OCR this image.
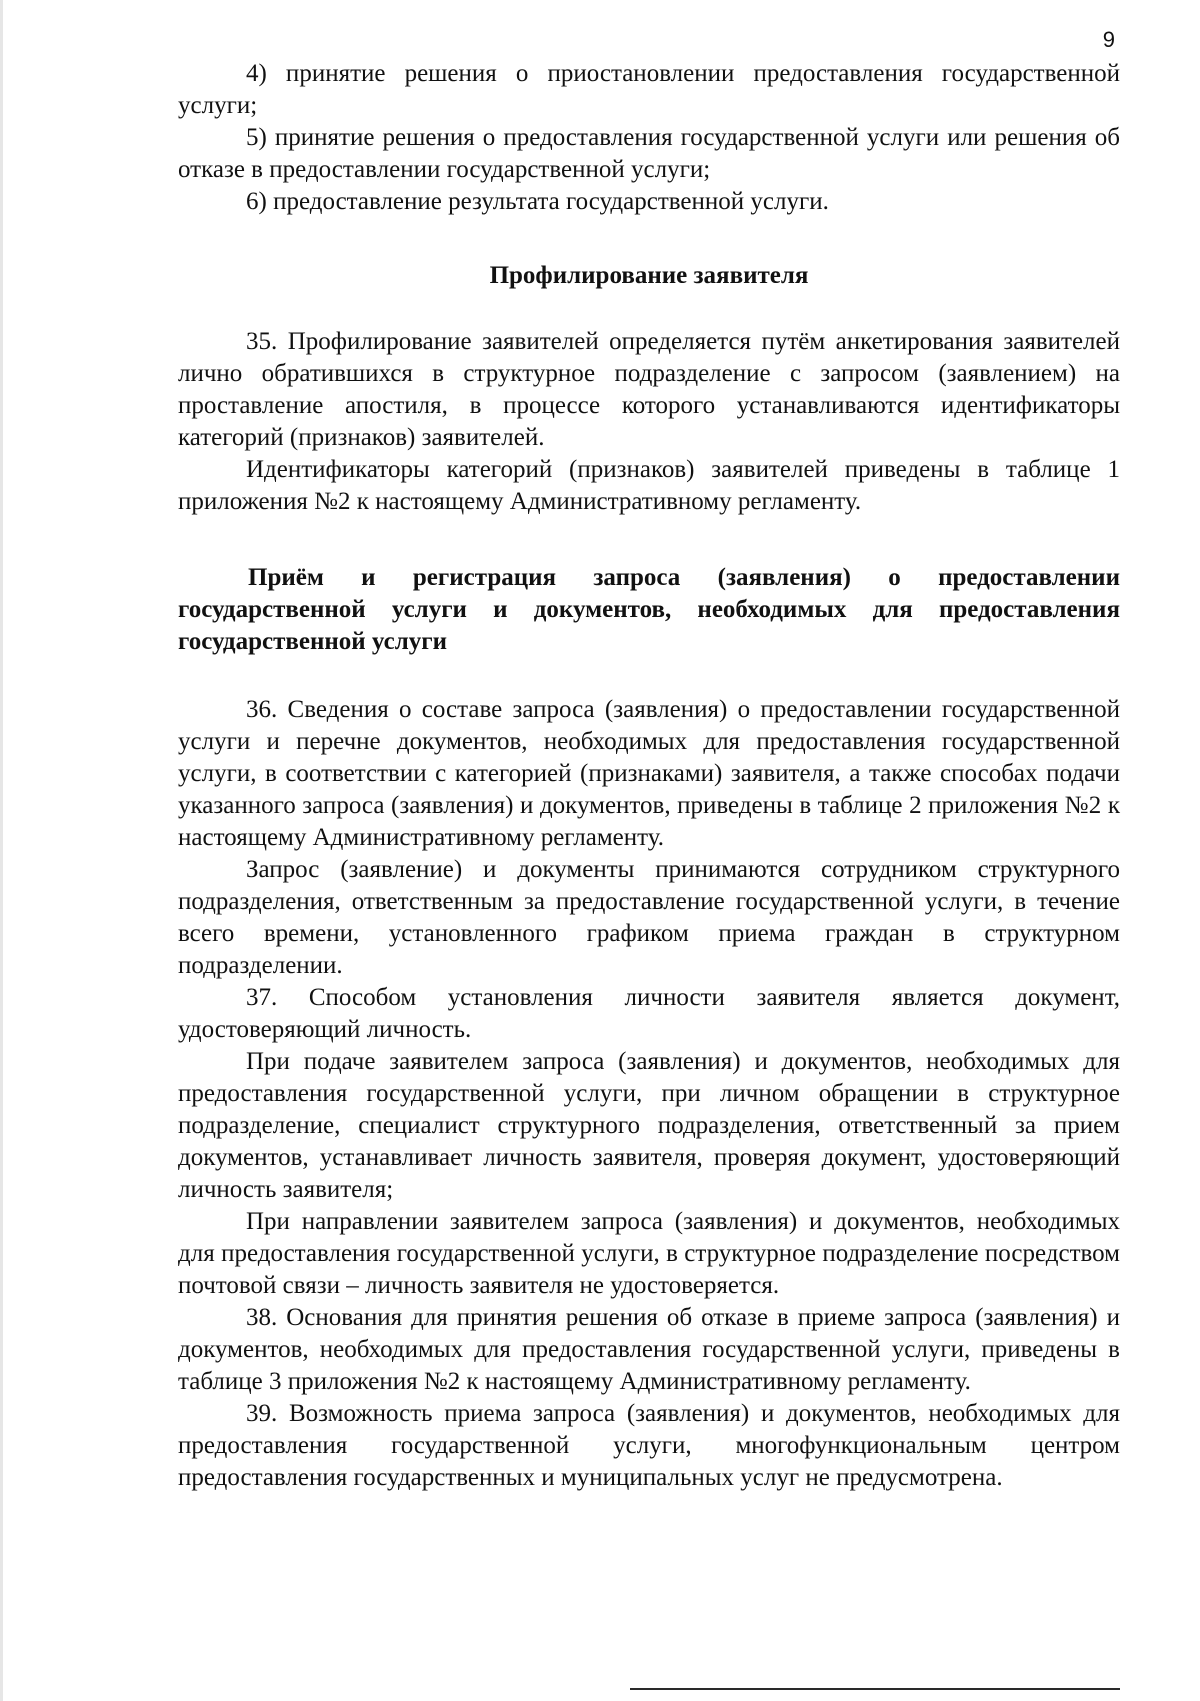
9

4) принятие решения о приостановлении предоставления государственной услуги;

5) принятие решения о предоставления государственной услуги или решения об отказе в предоставлении государственной услуги;

6) предоставление результата государственной услуги.

Профилирование заявителя

35. Профилирование заявителей определяется путём анкетирования заявителей лично обратившихся в структурное подразделение с запросом (заявлением) на проставление апостиля, в процессе которого устанавливаются идентификаторы категорий (признаков) заявителей.

Идентификаторы категорий (признаков) заявителей приведены в таблице 1 приложения №2 к настоящему Административному регламенту.

Приём и регистрация запроса (заявления) о предоставлении государственной услуги и документов, необходимых для предоставления государственной услуги

36. Сведения о составе запроса (заявления) о предоставлении государственной услуги и перечне документов, необходимых для предоставления государственной услуги, в соответствии с категорией (признаками) заявителя, а также способах подачи указанного запроса (заявления) и документов, приведены в таблице 2 приложения №2 к настоящему Административному регламенту.

Запрос (заявление) и документы принимаются сотрудником структурного подразделения, ответственным за предоставление государственной услуги, в течение всего времени, установленного графиком приема граждан в структурном подразделении.

37. Способом установления личности заявителя является документ, удостоверяющий личность.

При подаче заявителем запроса (заявления) и документов, необходимых для предоставления государственной услуги, при личном обращении в структурное подразделение, специалист структурного подразделения, ответственный за прием документов, устанавливает личность заявителя, проверяя документ, удостоверяющий личность заявителя;

При направлении заявителем запроса (заявления) и документов, необходимых для предоставления государственной услуги, в структурное подразделение посредством почтовой связи – личность заявителя не удостоверяется.

38. Основания для принятия решения об отказе в приеме запроса (заявления) и документов, необходимых для предоставления государственной услуги, приведены в таблице 3 приложения №2 к настоящему Административному регламенту.

39. Возможность приема запроса (заявления) и документов, необходимых для предоставления государственной услуги, многофункциональным центром предоставления государственных и муниципальных услуг не предусмотрена.
